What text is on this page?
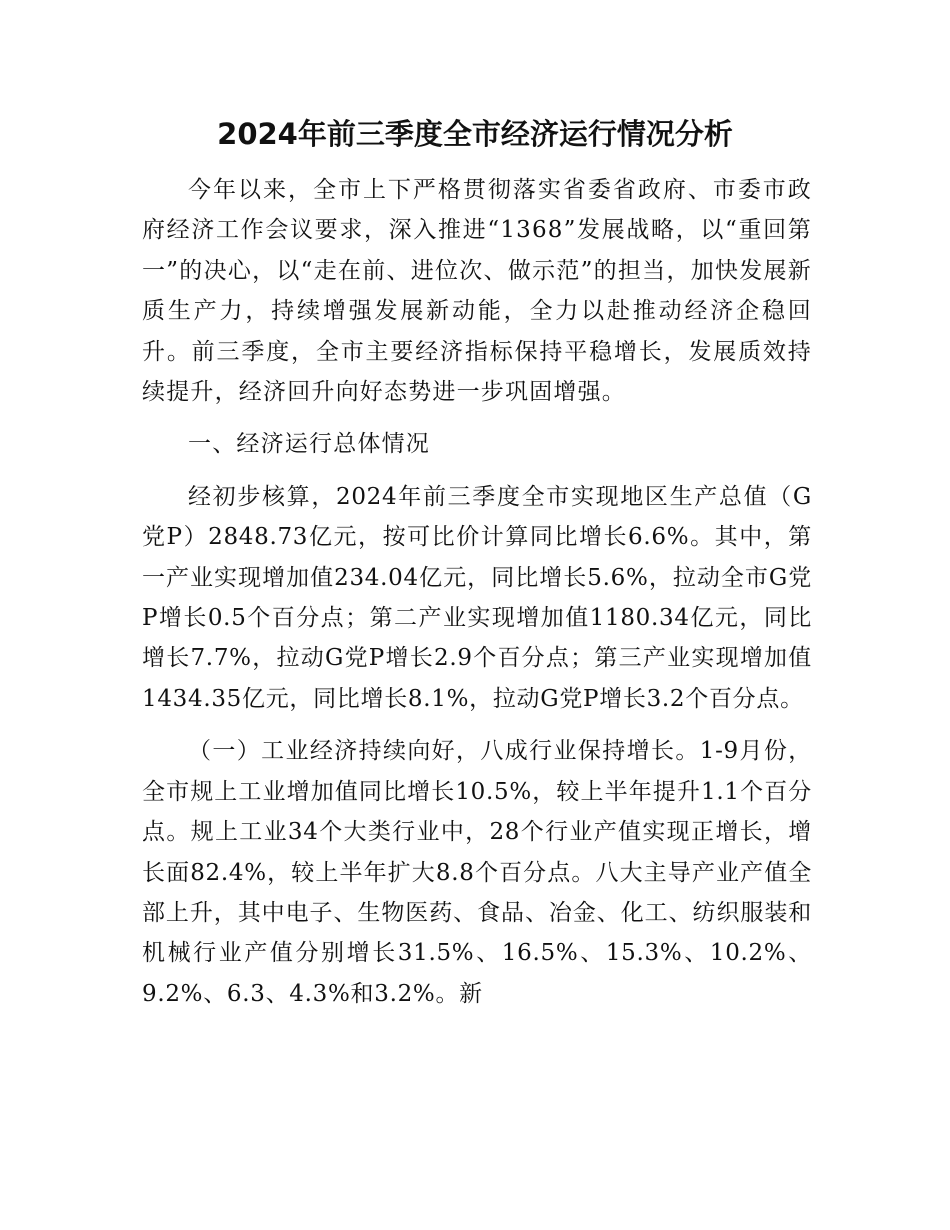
2024年前三季度全市经济运行情况分析

今年以来，全市上下严格贯彻落实省委省政府、市委市政府经济工作会议要求，深入推进“1368”发展战略，以“重回第一”的决心，以“走在前、进位次、做示范”的担当，加快发展新质生产力，持续增强发展新动能，全力以赴推动经济企稳回升。前三季度，全市主要经济指标保持平稳增长，发展质效持续提升，经济回升向好态势进一步巩固增强。

一、经济运行总体情况

经初步核算，2024年前三季度全市实现地区生产总值（G党P）2848.73亿元，按可比价计算同比增长6.6%。其中，第一产业实现增加值234.04亿元，同比增长5.6%，拉动全市G党P增长0.5个百分点；第二产业实现增加值1180.34亿元，同比增长7.7%，拉动G党P增长2.9个百分点；第三产业实现增加值1434.35亿元，同比增长8.1%，拉动G党P增长3.2个百分点。

（一）工业经济持续向好，八成行业保持增长。1-9月份，全市规上工业增加值同比增长10.5%，较上半年提升1.1个百分点。规上工业34个大类行业中，28个行业产值实现正增长，增长面82.4%，较上半年扩大8.8个百分点。八大主导产业产值全部上升，其中电子、生物医药、食品、冶金、化工、纺织服装和机械行业产值分别增长31.5%、16.5%、15.3%、10.2%、9.2%、6.3、4.3%和3.2%。新
